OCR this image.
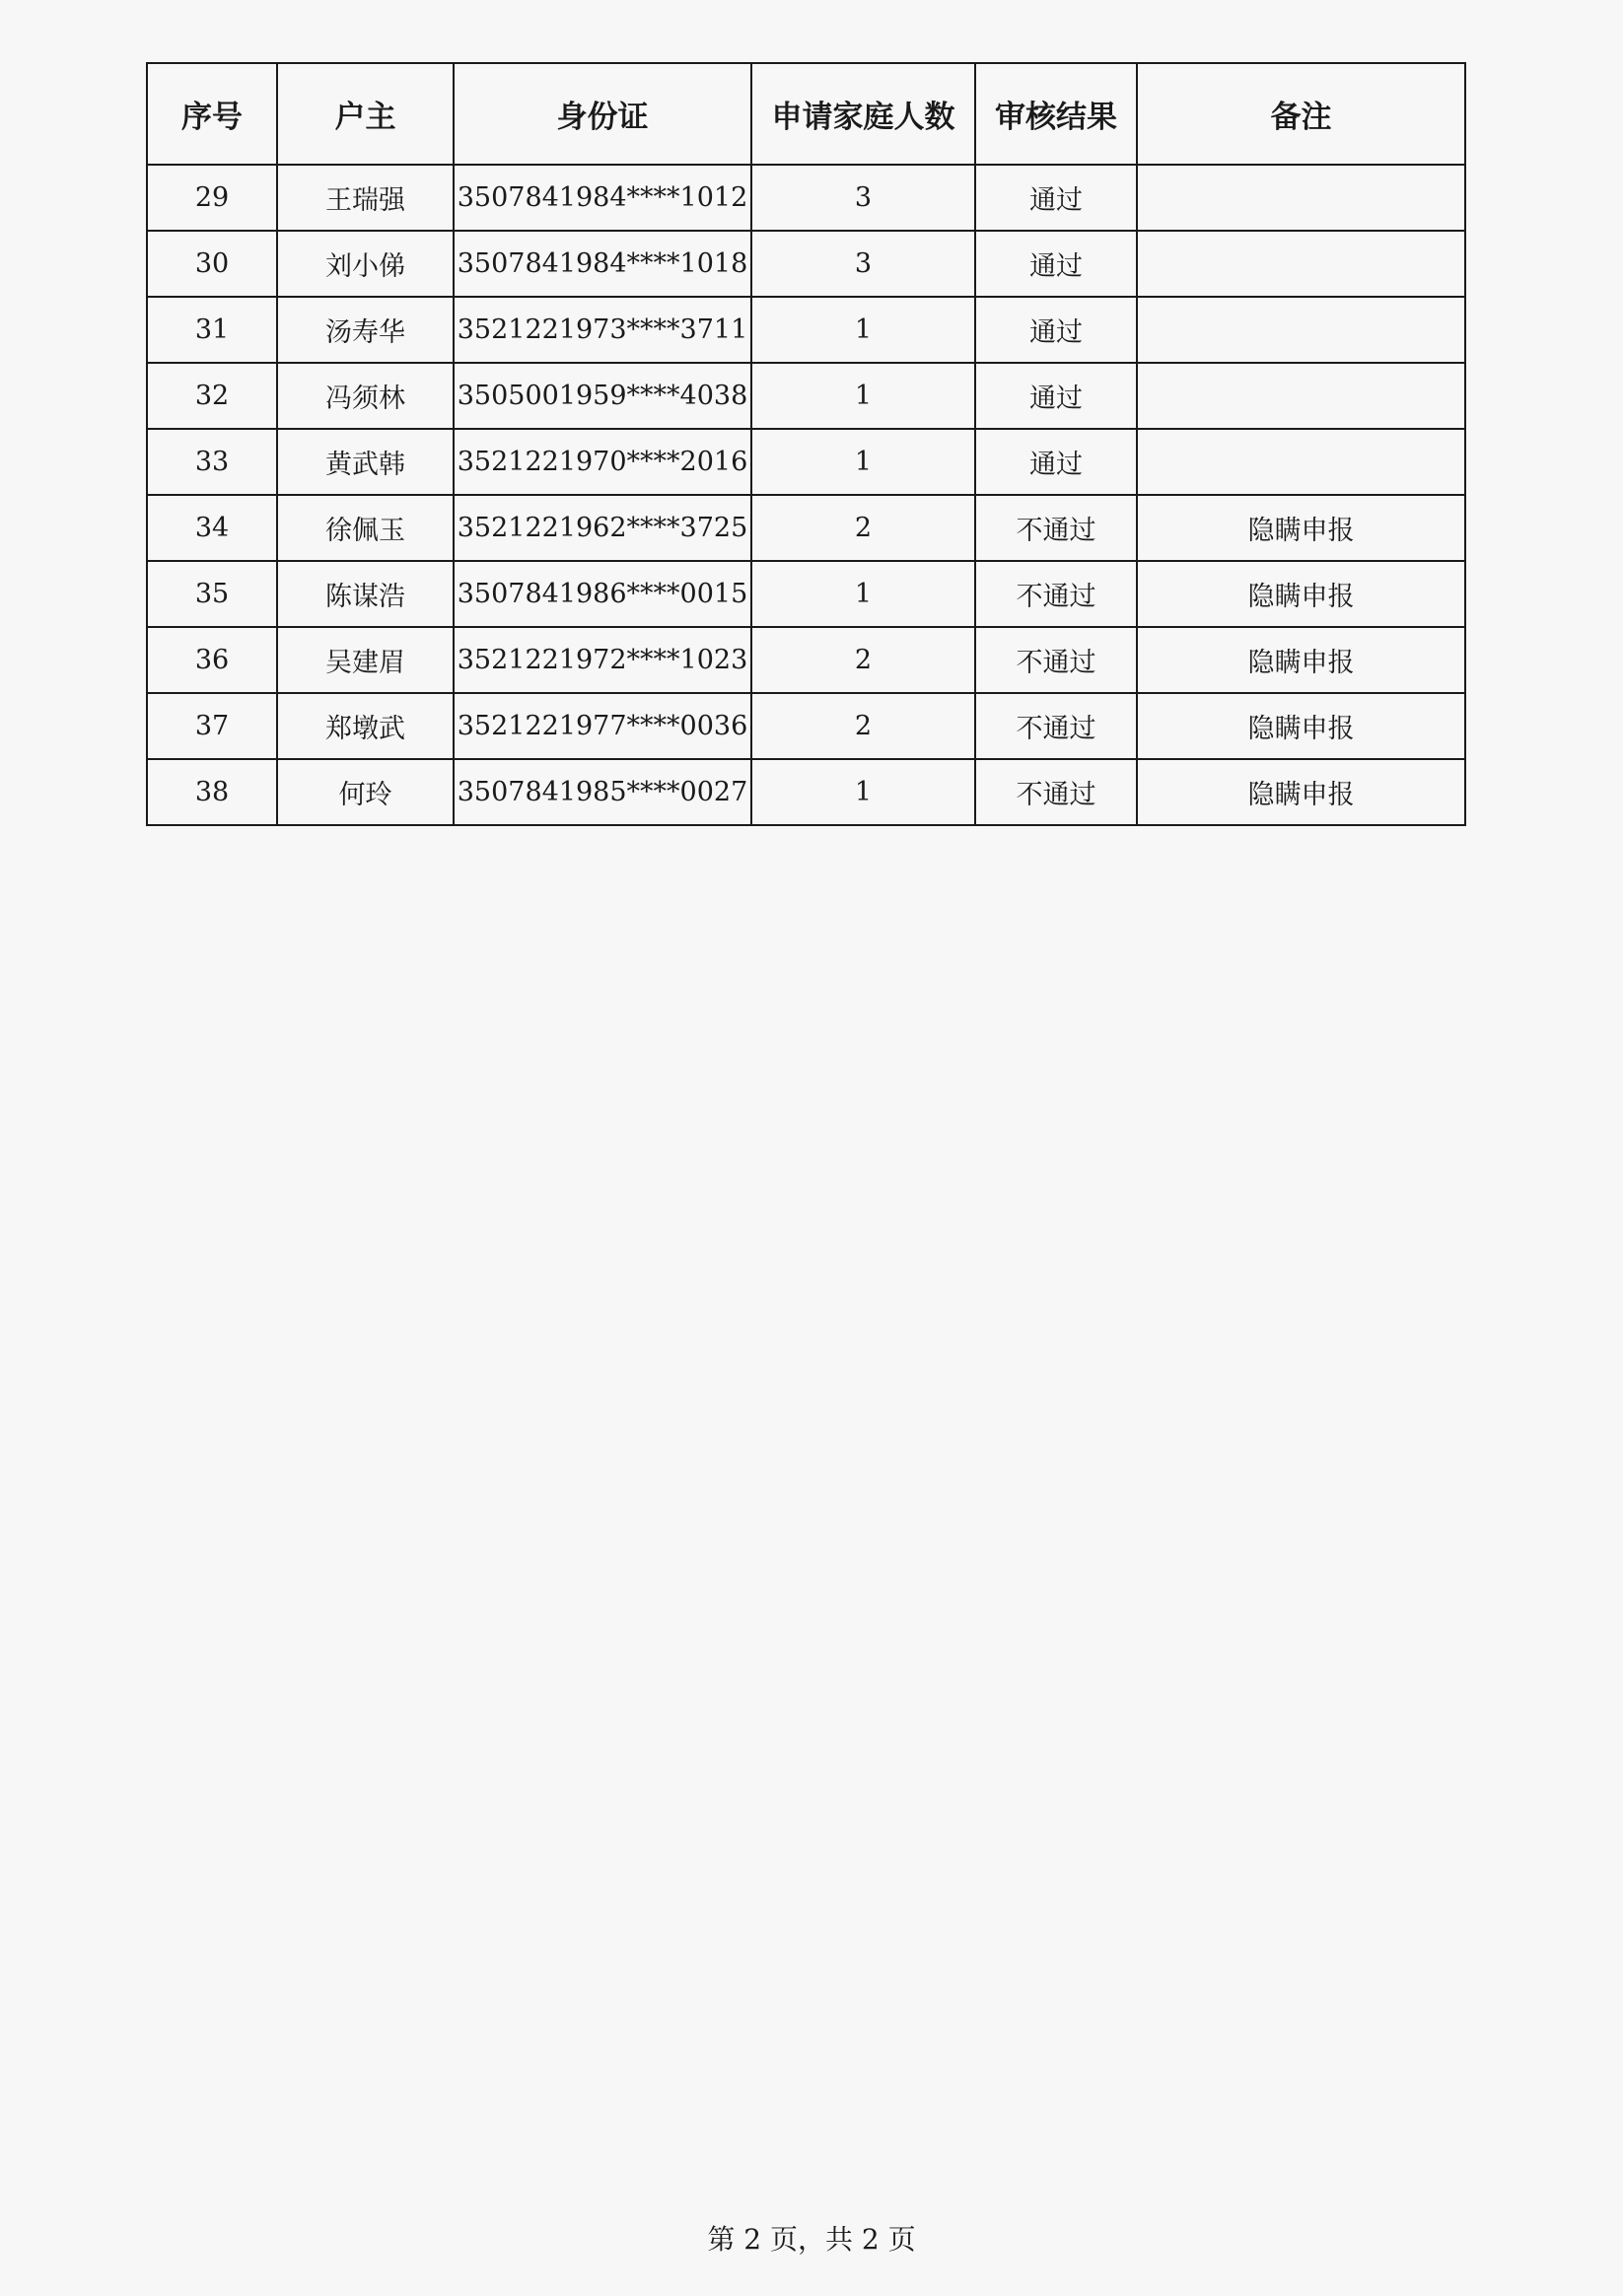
序号	户主	身份证	申请家庭人数	审核结果	备注
29	王瑞强	3507841984****1012	3	通过	
30	刘小俤	3507841984****1018	3	通过	
31	汤寿华	3521221973****3711	1	通过	
32	冯须林	3505001959****4038	1	通过	
33	黄武韩	3521221970****2016	1	通过	
34	徐佩玉	3521221962****3725	2	不通过	隐瞒申报
35	陈谋浩	3507841986****0015	1	不通过	隐瞒申报
36	吴建眉	3521221972****1023	2	不通过	隐瞒申报
37	郑墩武	3521221977****0036	2	不通过	隐瞒申报
38	何玲	3507841985****0027	1	不通过	隐瞒申报
第 2 页，共 2 页
